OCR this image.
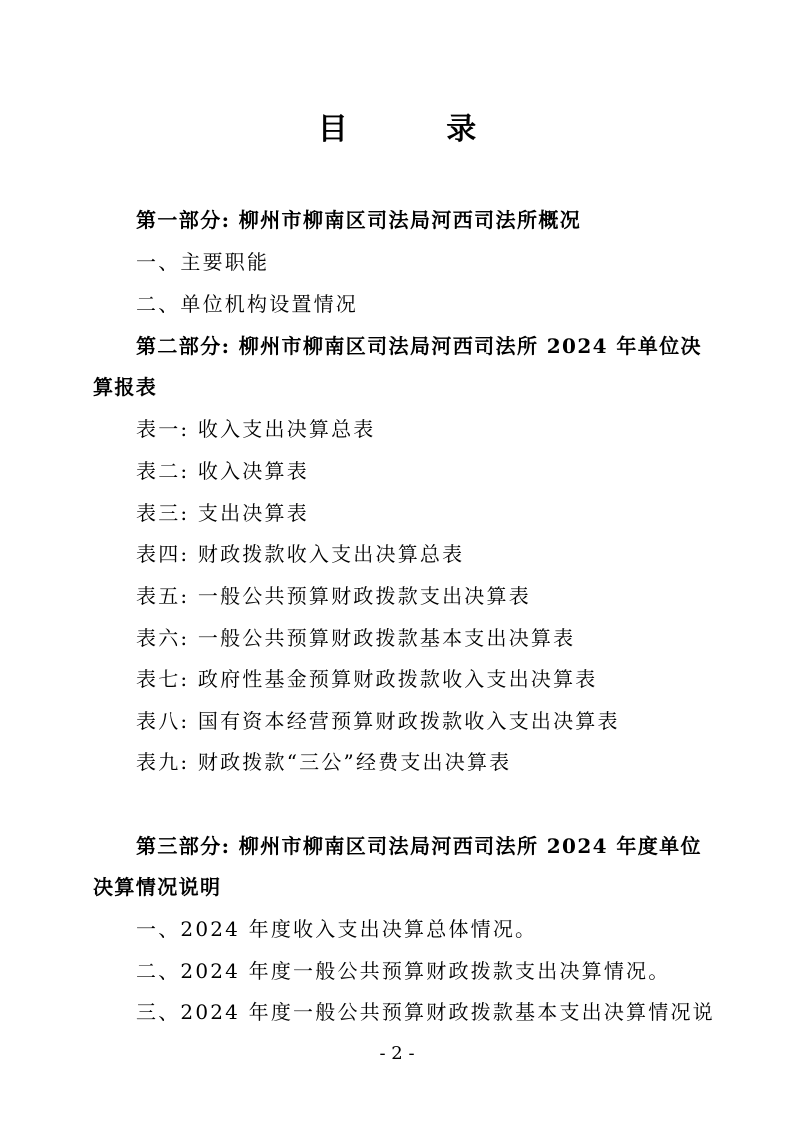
目 录
第一部分: 柳州市柳南区司法局河西司法所概况
一、主要职能
二、单位机构设置情况
第二部分: 柳州市柳南区司法局河西司法所 2024 年单位决
算报表
表一: 收入支出决算总表
表二: 收入决算表
表三: 支出决算表
表四: 财政拨款收入支出决算总表
表五: 一般公共预算财政拨款支出决算表
表六: 一般公共预算财政拨款基本支出决算表
表七: 政府性基金预算财政拨款收入支出决算表
表八: 国有资本经营预算财政拨款收入支出决算表
表九: 财政拨款“三公”经费支出决算表
第三部分: 柳州市柳南区司法局河西司法所 2024 年度单位
决算情况说明
一、2024 年度收入支出决算总体情况。
二、2024 年度一般公共预算财政拨款支出决算情况。
三、2024 年度一般公共预算财政拨款基本支出决算情况说
- 2 -
